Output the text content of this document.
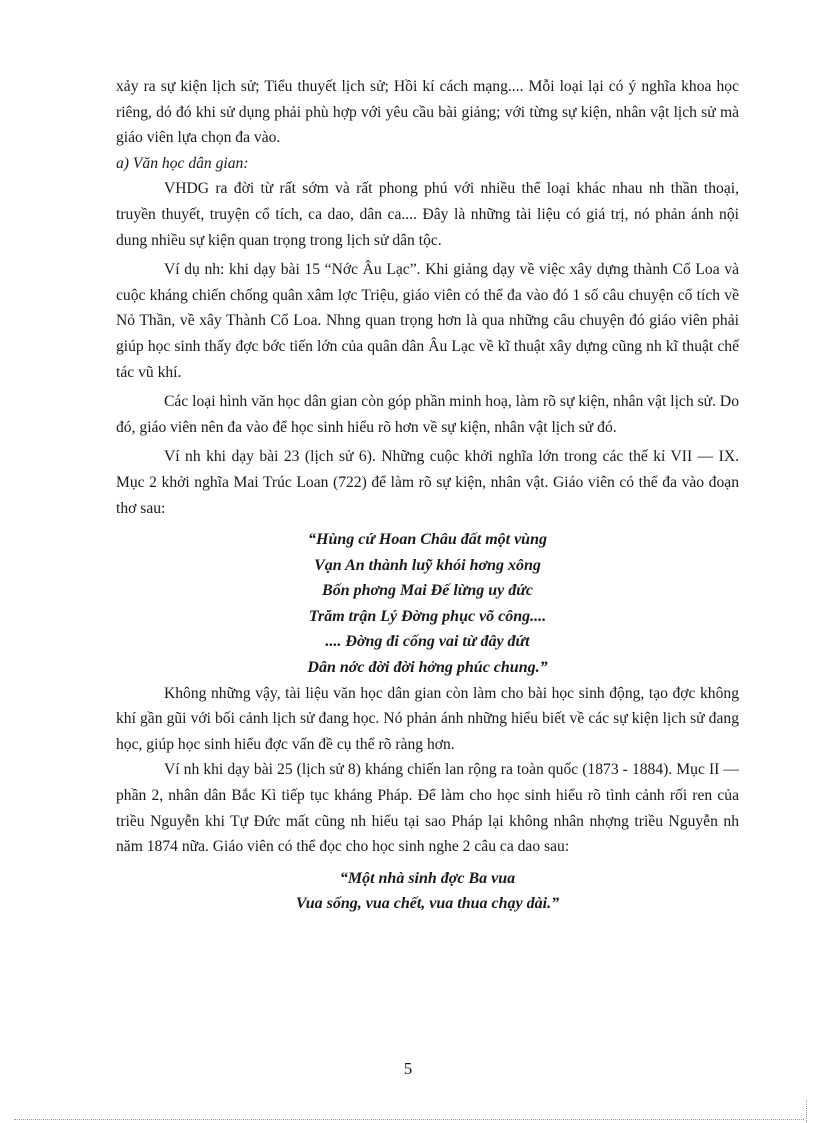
xảy ra sự kiện lịch sử; Tiểu thuyết lịch sử; Hồi kí cách mạng.... Mỗi loại lại có ý nghĩa khoa học riêng, dó đó khi sử dụng phải phù hợp với yêu cầu bài giảng; với từng sự kiện, nhân vật lịch sử mà giáo viên lựa chọn đa vào.

a) Văn học dân gian:

VHDG ra đời từ rất sớm và rất phong phú với nhiều thể loại khác nhau nh thần thoại, truyền thuyết, truyện cổ tích, ca dao, dân ca.... Đây là những tài liệu có giá trị, nó phản ánh nội dung nhiều sự kiện quan trọng trong lịch sử dân tộc.

Ví dụ nh: khi dạy bài 15 “Nớc Âu Lạc”. Khi giảng dạy về việc xây dựng thành Cổ Loa và cuộc kháng chiến chống quân xâm lợc Triệu, giáo viên có thể đa vào đó 1 số câu chuyện cổ tích về Nỏ Thần, về xây Thành Cổ Loa. Nhng quan trọng hơn là qua những câu chuyện đó giáo viên phải giúp học sinh thấy đợc bớc tiến lớn của quân dân Âu Lạc về kĩ thuật xây dựng cũng nh kĩ thuật chế tác vũ khí.

Các loại hình văn học dân gian còn góp phần minh hoạ, làm rõ sự kiện, nhân vật lịch sử. Do đó, giáo viên nên đa vào để học sinh hiểu rõ hơn về sự kiện, nhân vật lịch sử đó.

Ví nh khi dạy bài 23 (lịch sử 6). Những cuộc khởi nghĩa lớn trong các thế kỉ VII — IX. Mục 2 khởi nghĩa Mai Trúc Loan (722) để làm rõ sự kiện, nhân vật. Giáo viên có thể đa vào đoạn thơ sau:

“Hùng cứ Hoan Châu đất một vùng

Vạn An thành luỹ khói hơng xông

Bốn phơng Mai Đế lừng uy đức

Trăm trận Lý Đờng phục võ công....

.... Đờng đi cống vai từ đây đứt

Dân nớc đời đời hởng phúc chung.”

Không những vậy, tài liệu văn học dân gian còn làm cho bài học sinh động, tạo đợc không khí gần gũi với bối cảnh lịch sử đang học. Nó phản ánh những hiểu biết về các sự kiện lịch sử đang học, giúp học sinh hiểu đợc vấn đề cụ thể rõ ràng hơn.

Ví nh khi dạy bài 25 (lịch sử 8) kháng chiến lan rộng ra toàn quốc (1873 - 1884). Mục II — phần 2, nhân dân Bắc Kì tiếp tục kháng Pháp. Để làm cho học sinh hiểu rõ tình cảnh rối ren của triều Nguyễn khi Tự Đức mất cũng nh hiểu tại sao Pháp lại không nhân nhợng triều Nguyễn nh năm 1874 nữa. Giáo viên có thể đọc cho học sinh nghe 2 câu ca dao sau:

“Một nhà sinh đợc Ba vua

Vua sống, vua chết, vua thua chạy dài.”

5
